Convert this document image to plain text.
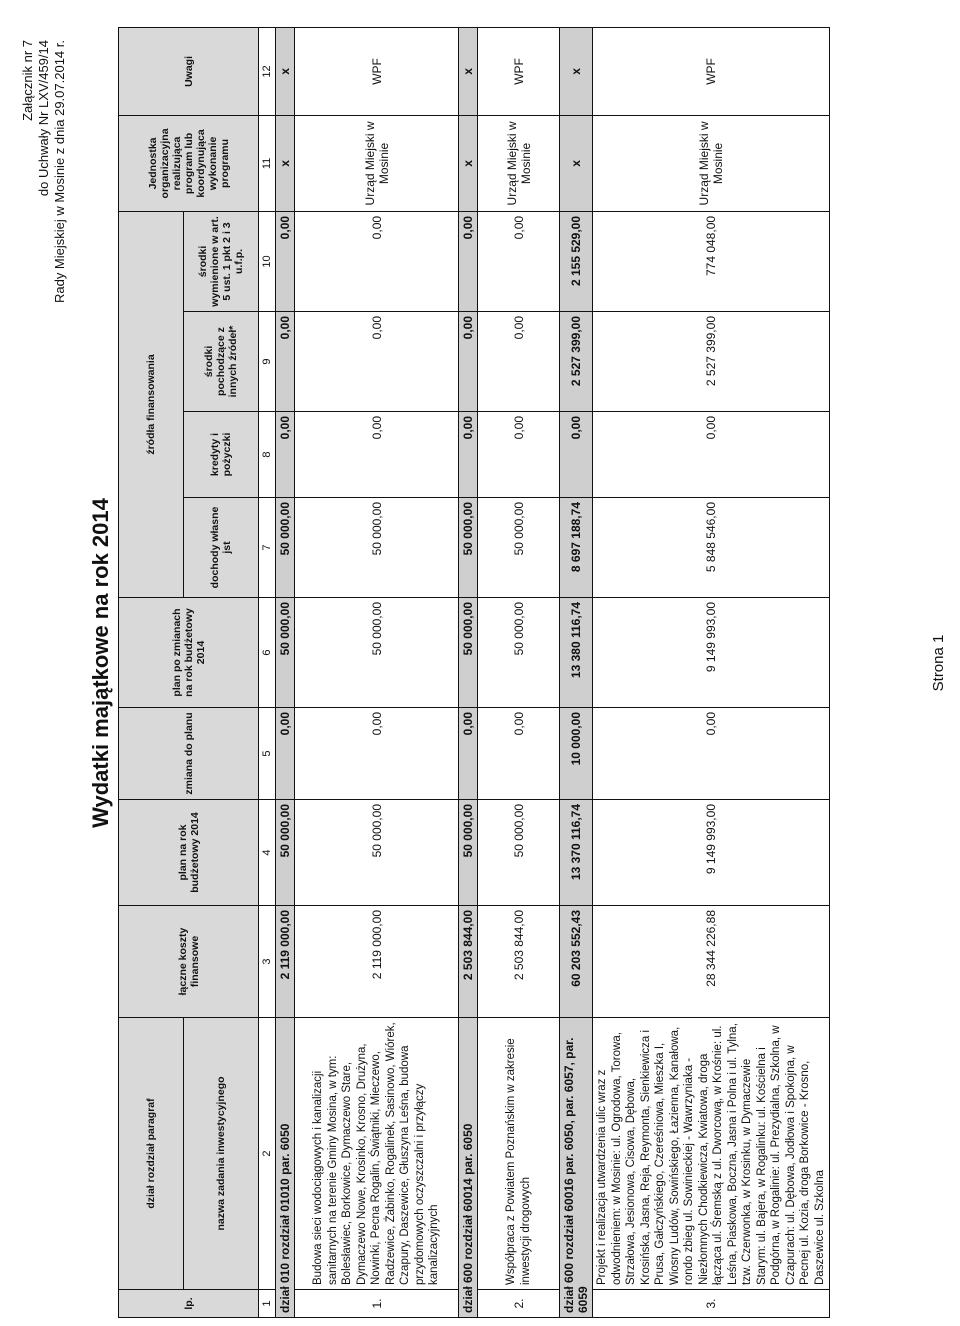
Załącznik nr 7 do Uchwały Nr LXV/459/14 Rady Miejskiej w Mosinie z dnia 29.07.2014 r.
Wydatki majątkowe na rok 2014
lp.	dział rozdział paragraf	łączne koszty finansowe	plan na rok budżetowy 2014	zmiana do planu	plan po zmianach na rok budżetowy 2014	źródła finansowania				Jednostka organizacyjna realizująca program lub koordynująca wykonanie programu	Uwagi
	nazwa zadania inwestycyjnego					dochody własne jst	kredyty i pożyczki	środki pochodzące z innych źródeł*	środki wymienione w art. 5 ust. 1 pkt 2 i 3 u.f.p.		

1	2	3	4	5	6	7	8	9	10	11	12
dział 010 rozdział 01010 par. 6050		2 119 000,00	50 000,00	0,00	50 000,00	50 000,00	0,00	0,00	0,00	x	x
1.	Budowa sieci wodociągowych i kanalizacji sanitarnych na terenie Gminy Mosina, w tym: Bolesławiec, Borkowice, Dymaczewo Stare, Dymaczewo Nowe, Krosinko, Krosno, Drużyna, Nowinki, Pecna Rogalin, Świątniki, Mieczewo, Radzewice, Żabinko, Rogalinek, Sasinowo, Wiórek, Czapury, Daszewice, Głuszyna Leśna, budowa przydomowych oczyszczalni i przyłączy kanalizacyjnych	2 119 000,00	50 000,00	0,00	50 000,00	50 000,00	0,00	0,00	0,00	Urząd Miejski w Mosinie	WPF
dział 600 rozdział 60014 par. 6050		2 503 844,00	50 000,00	0,00	50 000,00	50 000,00	0,00	0,00	0,00	x	x
2.	Współpraca z Powiatem Poznańskim w zakresie inwestycji drogowych	2 503 844,00	50 000,00	0,00	50 000,00	50 000,00	0,00	0,00	0,00	Urząd Miejski w Mosinie	WPF
dział 600 rozdział 60016 par. 6050, par. 6057, par. 6059		60 203 552,43	13 370 116,74	10 000,00	13 380 116,74	8 697 188,74	0,00	2 527 399,00	2 155 529,00	x	x
3.	Projekt i realizacja utwardzenia ulic wraz z odwodnieniem: w Mosinie: ul. Ogrodowa, Torowa, Strzałowa, Jesionowa, Cisowa, Dębowa, Krosińska, Jasna, Reja, Reymonta, Sienkiewicza i Prusa, Gałczyńskiego, Czereśniowa, Mieszka I, Wiosny Ludów, Sowińskiego, Łazienna, Kanałowa, rondo zbieg ul. Sowinieckiej - Wawrzyniaka - Niezłomnych Chodkiewicza, Kwiatowa, droga łącząca ul. Śremską z ul. Dworcową, w Krośnie: ul. Leśna, Piaskowa, Boczna, Jasna i Polna i ul. Tylna, tzw. Czerwonka, w Krosinku, w Dymaczewie Starym: ul. Bajera, w Rogalinku: ul. Kościelna i Podgórna, w Rogalinie: ul. Prezydialna, Szkolna, w Czapurach: ul. Dębowa, Jodłowa i Spokojna, w Pecnej ul. Kozia, droga Borkowice - Krosno, Daszewice ul. Szkolna	28 344 226,88	9 149 993,00	0,00	9 149 993,00	5 848 546,00	0,00	2 527 399,00	774 048,00	Urząd Miejski w Mosinie	WPF
Strona 1
